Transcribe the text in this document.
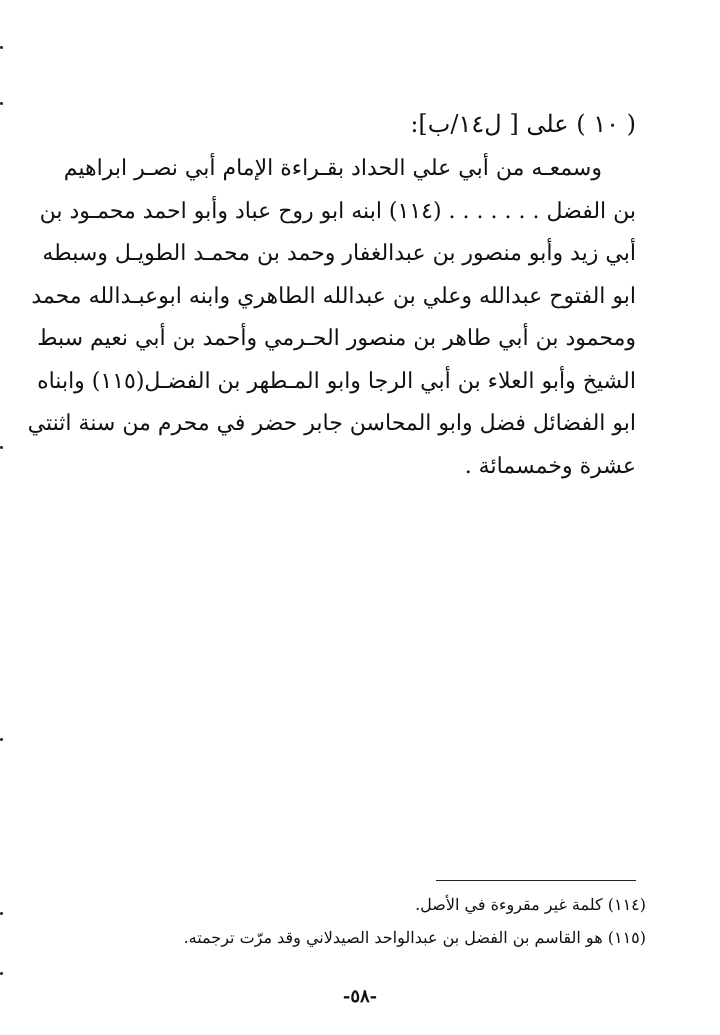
( ١٠ ) على [ ل١٤/ب]:
وسمعـه من أبي علي الحداد بقـراءة الإمام أبي نصـر ابراهيم
بن الفضل . . . . . . . (١١٤) ابنه ابو روح عباد وأبو احمد محمـود بن
أبي زيد وأبو منصور بن عبدالغفار وحمد بن محمـد الطويـل وسبطه
ابو الفتوح عبدالله وعلي بن عبدالله الطاهري وابنه ابوعبـدالله محمد
ومحمود بن أبي طاهر بن منصور الحـرمي وأحمد بن أبي نعيم سبط
الشيخ وأبو العلاء بن أبي الرجا وابو المـطهر بن الفضـل(١١٥) وابناه
ابو الفضائل فضل وابو المحاسن جابر حضر في محرم من سنة اثنتي
عشرة وخمسمائة .
(١١٤) كلمة غير مقروءة في الأصل.
(١١٥) هو القاسم بن الفضل بن عبدالواحد الصيدلاني وقد مرّت ترجمته.
-٥٨-
